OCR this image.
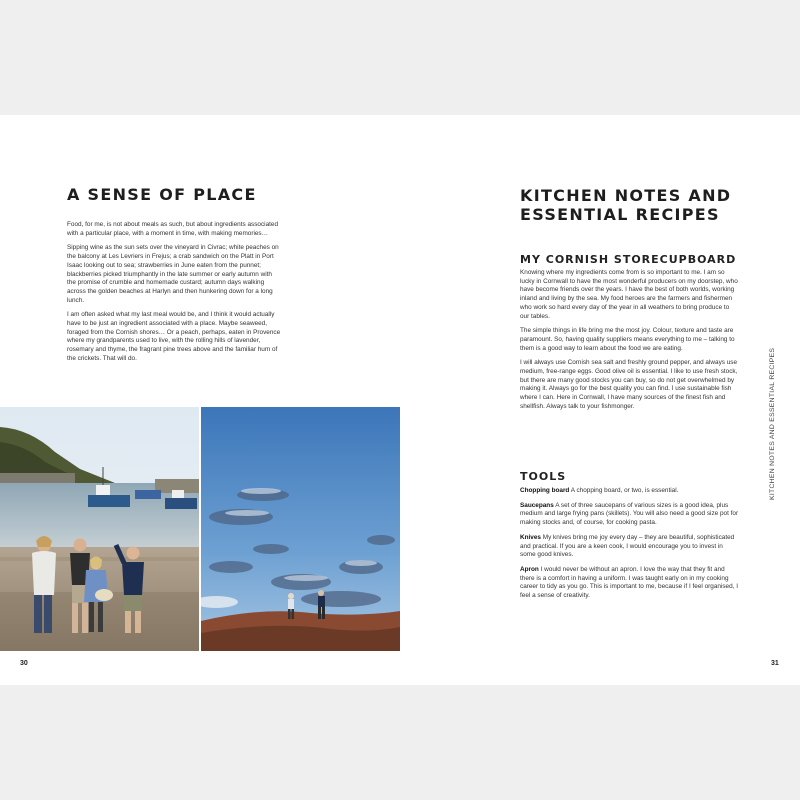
A SENSE OF PLACE

Food, for me, is not about meals as such, but about ingredients associated with a particular place, with a moment in time, with making memories…

Sipping wine as the sun sets over the vineyard in Civrac; white peaches on the balcony at Les Levriers in Frejus; a crab sandwich on the Platt in Port Isaac looking out to sea; strawberries in June eaten from the punnet; blackberries picked triumphantly in the late summer or early autumn with the promise of crumble and homemade custard; autumn days walking across the golden beaches at Harlyn and then hunkering down for a long lunch.

I am often asked what my last meal would be, and I think it would actually have to be just an ingredient associated with a place. Maybe seaweed, foraged from the Cornish shores… Or a peach, perhaps, eaten in Provence where my grandparents used to live, with the rolling hills of lavender, rosemary and thyme, the fragrant pine trees above and the familiar hum of the crickets. That will do.

30
KITCHEN NOTES AND
ESSENTIAL RECIPES
MY CORNISH STORECUPBOARD

Knowing where my ingredients come from is so important to me. I am so lucky in Cornwall to have the most wonderful producers on my doorstep, who have become friends over the years. I have the best of both worlds, working inland and living by the sea. My food heroes are the farmers and fishermen who work so hard every day of the year in all weathers to bring produce to our tables.

The simple things in life bring me the most joy. Colour, texture and taste are paramount. So, having quality suppliers means everything to me – talking to them is a good way to learn about the food we are eating.

I will always use Cornish sea salt and freshly ground pepper, and always use medium, free-range eggs. Good olive oil is essential. I like to use fresh stock, but there are many good stocks you can buy, so do not get overwhelmed by making it. Always go for the best quality you can find. I use sustainable fish where I can. Here in Cornwall, I have many sources of the finest fish and shellfish. Always talk to your fishmonger.

TOOLS

Chopping board A chopping board, or two, is essential.

Saucepans A set of three saucepans of various sizes is a good idea, plus medium and large frying pans (skillets). You will also need a good size pot for making stocks and, of course, for cooking pasta.

Knives My knives bring me joy every day – they are beautiful, sophisticated and practical. If you are a keen cook, I would encourage you to invest in some good knives.

Apron I would never be without an apron. I love the way that they fit and there is a comfort in having a uniform. I was taught early on in my cooking career to tidy as you go. This is important to me, because if I feel organised, I feel a sense of creativity.

KITCHEN NOTES AND ESSENTIAL RECIPES
31
